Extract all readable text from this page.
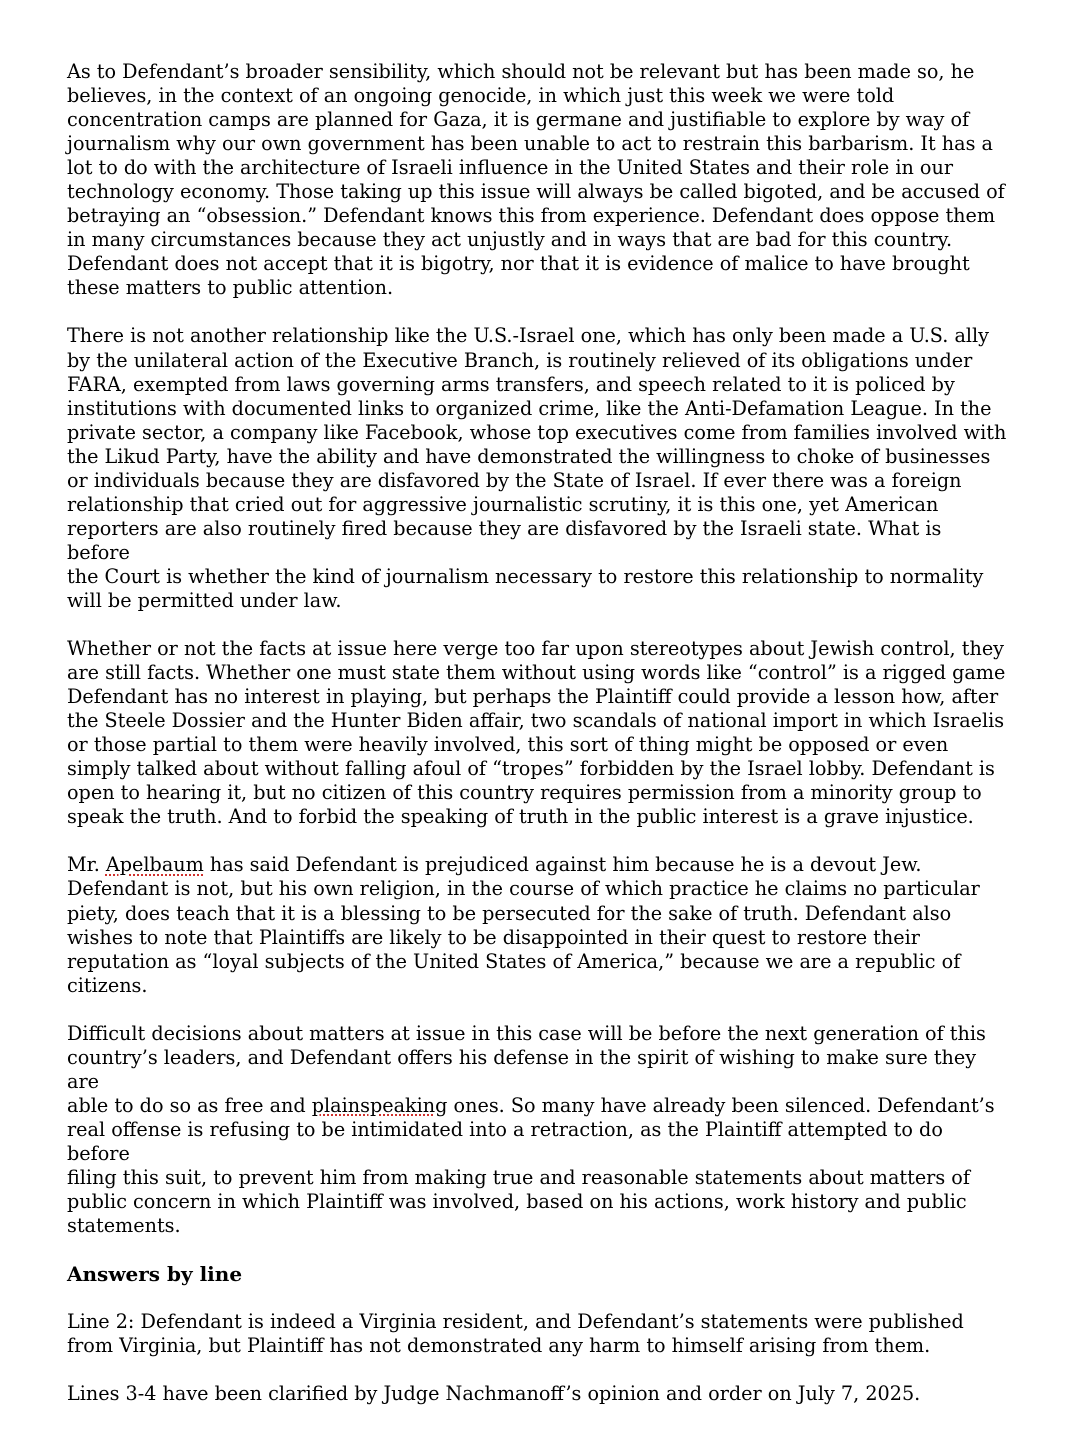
As to Defendant’s broader sensibility, which should not be relevant but has been made so, he
believes, in the context of an ongoing genocide, in which just this week we were told
concentration camps are planned for Gaza, it is germane and justifiable to explore by way of
journalism why our own government has been unable to act to restrain this barbarism. It has a
lot to do with the architecture of Israeli influence in the United States and their role in our
technology economy. Those taking up this issue will always be called bigoted, and be accused of
betraying an “obsession.” Defendant knows this from experience. Defendant does oppose them
in many circumstances because they act unjustly and in ways that are bad for this country.
Defendant does not accept that it is bigotry, nor that it is evidence of malice to have brought
these matters to public attention.

There is not another relationship like the U.S.-Israel one, which has only been made a U.S. ally
by the unilateral action of the Executive Branch, is routinely relieved of its obligations under
FARA, exempted from laws governing arms transfers, and speech related to it is policed by
institutions with documented links to organized crime, like the Anti-Defamation League. In the
private sector, a company like Facebook, whose top executives come from families involved with
the Likud Party, have the ability and have demonstrated the willingness to choke of businesses
or individuals because they are disfavored by the State of Israel. If ever there was a foreign
relationship that cried out for aggressive journalistic scrutiny, it is this one, yet American
reporters are also routinely fired because they are disfavored by the Israeli state. What is before
the Court is whether the kind of journalism necessary to restore this relationship to normality
will be permitted under law.

Whether or not the facts at issue here verge too far upon stereotypes about Jewish control, they
are still facts. Whether one must state them without using words like “control” is a rigged game
Defendant has no interest in playing, but perhaps the Plaintiff could provide a lesson how, after
the Steele Dossier and the Hunter Biden affair, two scandals of national import in which Israelis
or those partial to them were heavily involved, this sort of thing might be opposed or even
simply talked about without falling afoul of “tropes” forbidden by the Israel lobby. Defendant is
open to hearing it, but no citizen of this country requires permission from a minority group to
speak the truth. And to forbid the speaking of truth in the public interest is a grave injustice.

Mr. Apelbaum has said Defendant is prejudiced against him because he is a devout Jew.
Defendant is not, but his own religion, in the course of which practice he claims no particular
piety, does teach that it is a blessing to be persecuted for the sake of truth. Defendant also
wishes to note that Plaintiffs are likely to be disappointed in their quest to restore their
reputation as “loyal subjects of the United States of America,” because we are a republic of
citizens.

Difficult decisions about matters at issue in this case will be before the next generation of this
country’s leaders, and Defendant offers his defense in the spirit of wishing to make sure they are
able to do so as free and plainspeaking ones. So many have already been silenced. Defendant’s
real offense is refusing to be intimidated into a retraction, as the Plaintiff attempted to do before
filing this suit, to prevent him from making true and reasonable statements about matters of
public concern in which Plaintiff was involved, based on his actions, work history and public
statements.

Answers by line

Line 2: Defendant is indeed a Virginia resident, and Defendant’s statements were published
from Virginia, but Plaintiff has not demonstrated any harm to himself arising from them.

Lines 3-4 have been clarified by Judge Nachmanoff’s opinion and order on July 7, 2025.
